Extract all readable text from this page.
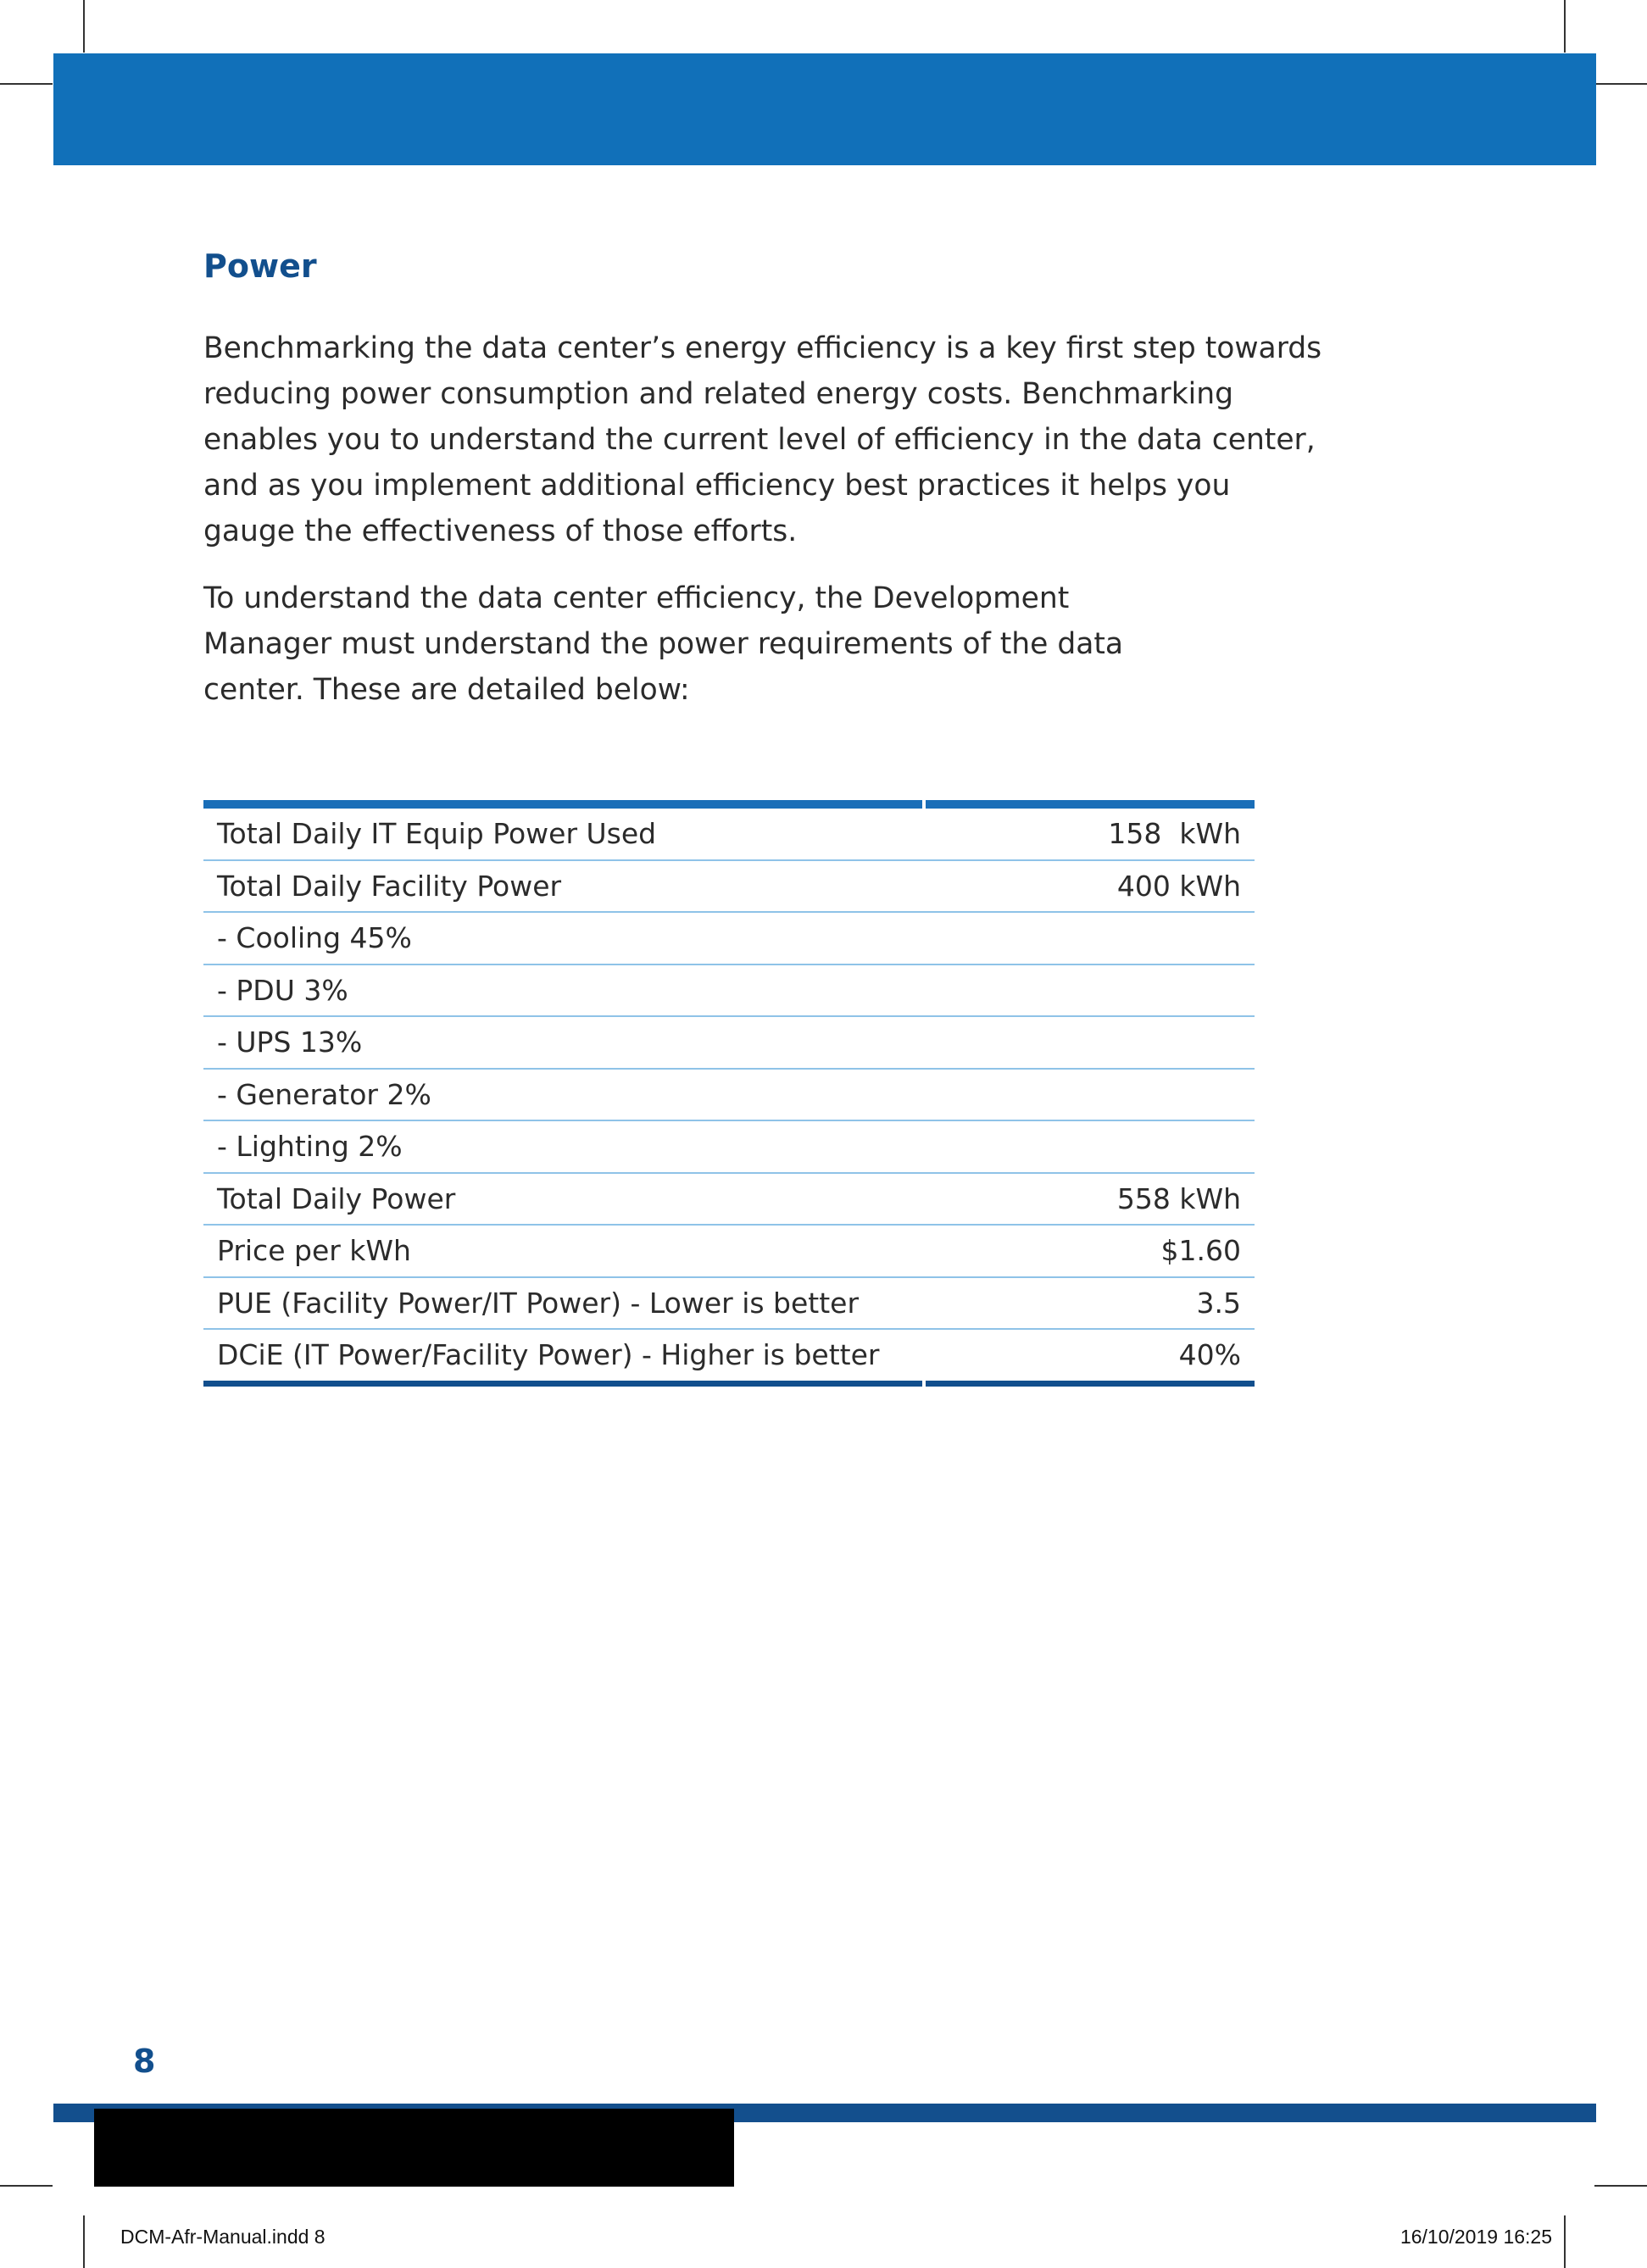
Power

Benchmarking the data center’s energy efficiency is a key first step towards reducing power consumption and related energy costs. Benchmarking enables you to understand the current level of efficiency in the data center, and as you implement additional efficiency best practices it helps you gauge the effectiveness of those efforts.

To understand the data center efficiency, the Development Manager must understand the power requirements of the data center. These are detailed below:

Total Daily IT Equip Power Used	158  kWh
Total Daily Facility Power	400 kWh
- Cooling 45%	
- PDU 3%	
- UPS 13%	
- Generator 2%	
- Lighting 2%	
Total Daily Power	558 kWh
Price per kWh	$1.60
PUE (Facility Power/IT Power) - Lower is better	3.5
DCiE (IT Power/Facility Power) - Higher is better	40%

8

DCM-Afr-Manual.indd 8	16/10/2019 16:25
